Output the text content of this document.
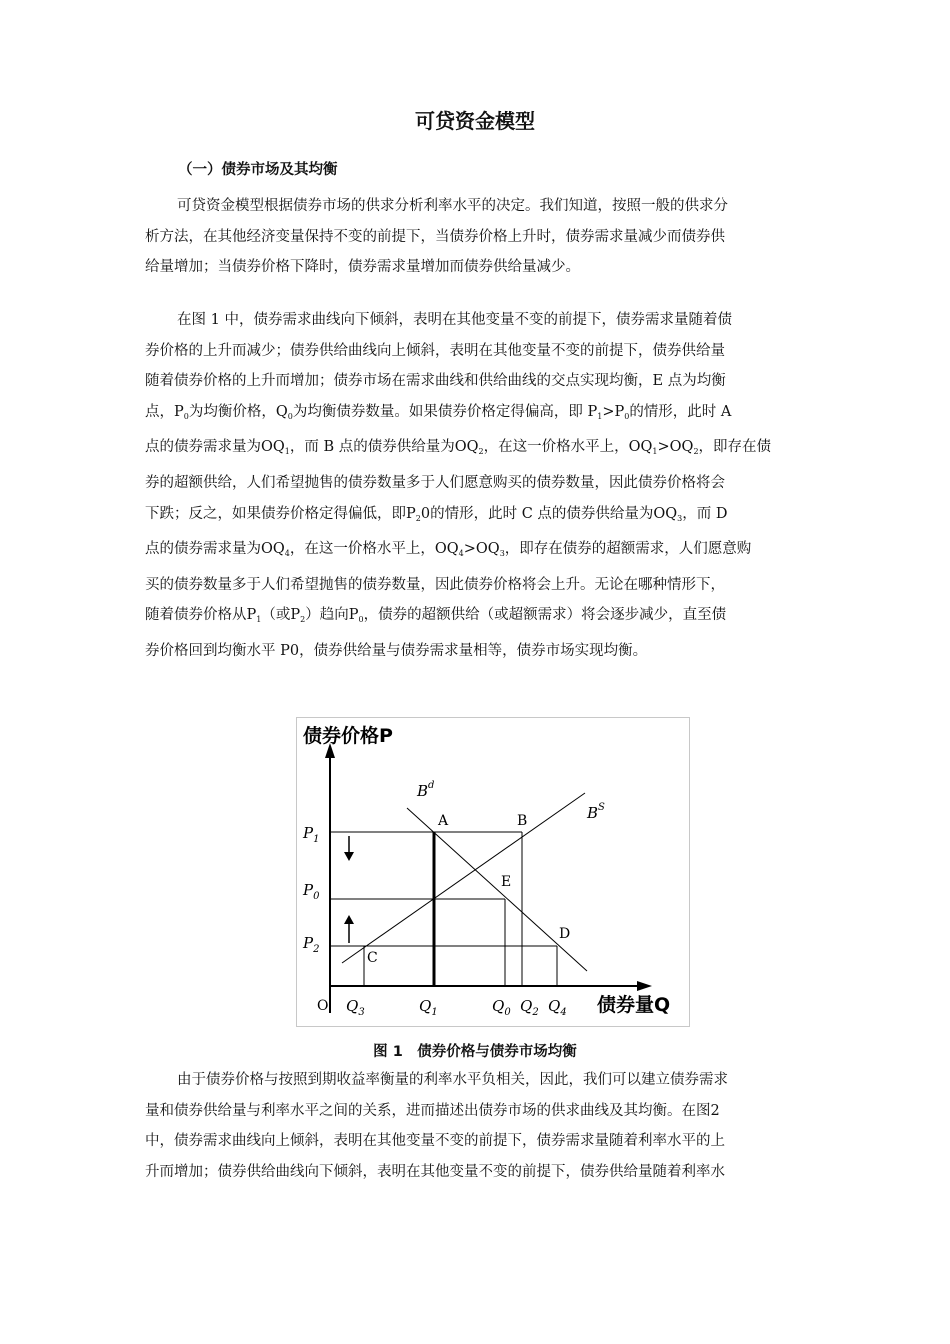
可贷资金模型
（一）债券市场及其均衡
可贷资金模型根据债券市场的供求分析利率水平的决定。我们知道，按照一般的供求分
析方法，在其他经济变量保持不变的前提下，当债券价格上升时，债券需求量减少而债券供
给量增加；当债券价格下降时，债券需求量增加而债券供给量减少。
在图 1 中，债券需求曲线向下倾斜，表明在其他变量不变的前提下，债券需求量随着债
券价格的上升而减少；债券供给曲线向上倾斜，表明在其他变量不变的前提下，债券供给量
随着债券价格的上升而增加；债券市场在需求曲线和供给曲线的交点实现均衡，E 点为均衡
点，$P_0$为均衡价格，$Q_0$为均衡债券数量。如果债券价格定得偏高，即 $P_1>P_0$的情形，此时 A
点的债券需求量为$OQ_1$，而 B 点的债券供给量为$OQ_2$，在这一价格水平上，$OQ_1>OQ_2$，即存在债
券的超额供给，人们希望抛售的债券数量多于人们愿意购买的债券数量，因此债券价格将会
下跌；反之，如果债券价格定得偏低，即$P_20$的情形，此时 C 点的债券供给量为$OQ_3$，而 D
点的债券需求量为$OQ_4$，在这一价格水平上，$OQ_4>OQ_3$，即存在债券的超额需求，人们愿意购
买的债券数量多于人们希望抛售的债券数量，因此债券价格将会上升。无论在哪种情形下，
随着债券价格从$P_1$（或$P_2$）趋向$P_0$，债券的超额供给（或超额需求）将会逐步减少，直至债
券价格回到均衡水平 P0，债券供给量与债券需求量相等，债券市场实现均衡。
债券价格P
债券量Q
O
$B^d$
$B^S$
A	B
E
C
D
$P_1$
$P_0$
$P_2$
$Q_3$	$Q_1$	$Q_0$ $Q_2$ $Q_4$
图 1　债券价格与债券市场均衡
由于债券价格与按照到期收益率衡量的利率水平负相关，因此，我们可以建立债券需求
量和债券供给量与利率水平之间的关系，进而描述出债券市场的供求曲线及其均衡。在图2
中，债券需求曲线向上倾斜，表明在其他变量不变的前提下，债券需求量随着利率水平的上
升而增加；债券供给曲线向下倾斜，表明在其他变量不变的前提下，债券供给量随着利率水
